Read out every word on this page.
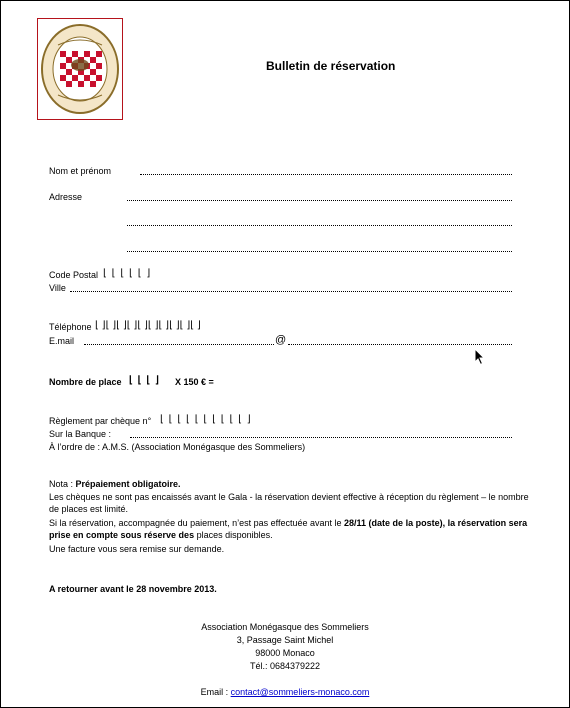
Bulletin de réservation
Nom et prénom
Adresse
Code Postal ⌊ ⌊ ⌊ ⌊ ⌊ ⌋
Ville
Téléphone ⌊ ⌋⌊ ⌋⌊ ⌋⌊ ⌋⌊ ⌋⌊ ⌋⌊ ⌋⌊ ⌋⌊ ⌋⌊ ⌋
E.mail	@
Nombre de place ⌊ ⌊ ⌊ ⌋ X 150 € =
Règlement par chèque n° ⌊ ⌊ ⌊ ⌊ ⌊ ⌊ ⌊ ⌊ ⌊ ⌊ ⌋
Sur la Banque :
À l’ordre de : A.M.S. (Association Monégasque des Sommeliers)
Nota : Prépaiement obligatoire.
Les chèques ne sont pas encaissés avant le Gala - la réservation devient effective à réception du règlement – le nombre de places est limité.
Si la réservation, accompagnée du paiement, n’est pas effectuée avant le 28/11 (date de la poste), la réservation sera prise en compte sous réserve des places disponibles.
Une facture vous sera remise sur demande.
A retourner avant le 28 novembre 2013.
Association Monégasque des Sommeliers
3, Passage Saint Michel
98000 Monaco
Tél.: 0684379222
Email : contact@sommeliers-monaco.com
